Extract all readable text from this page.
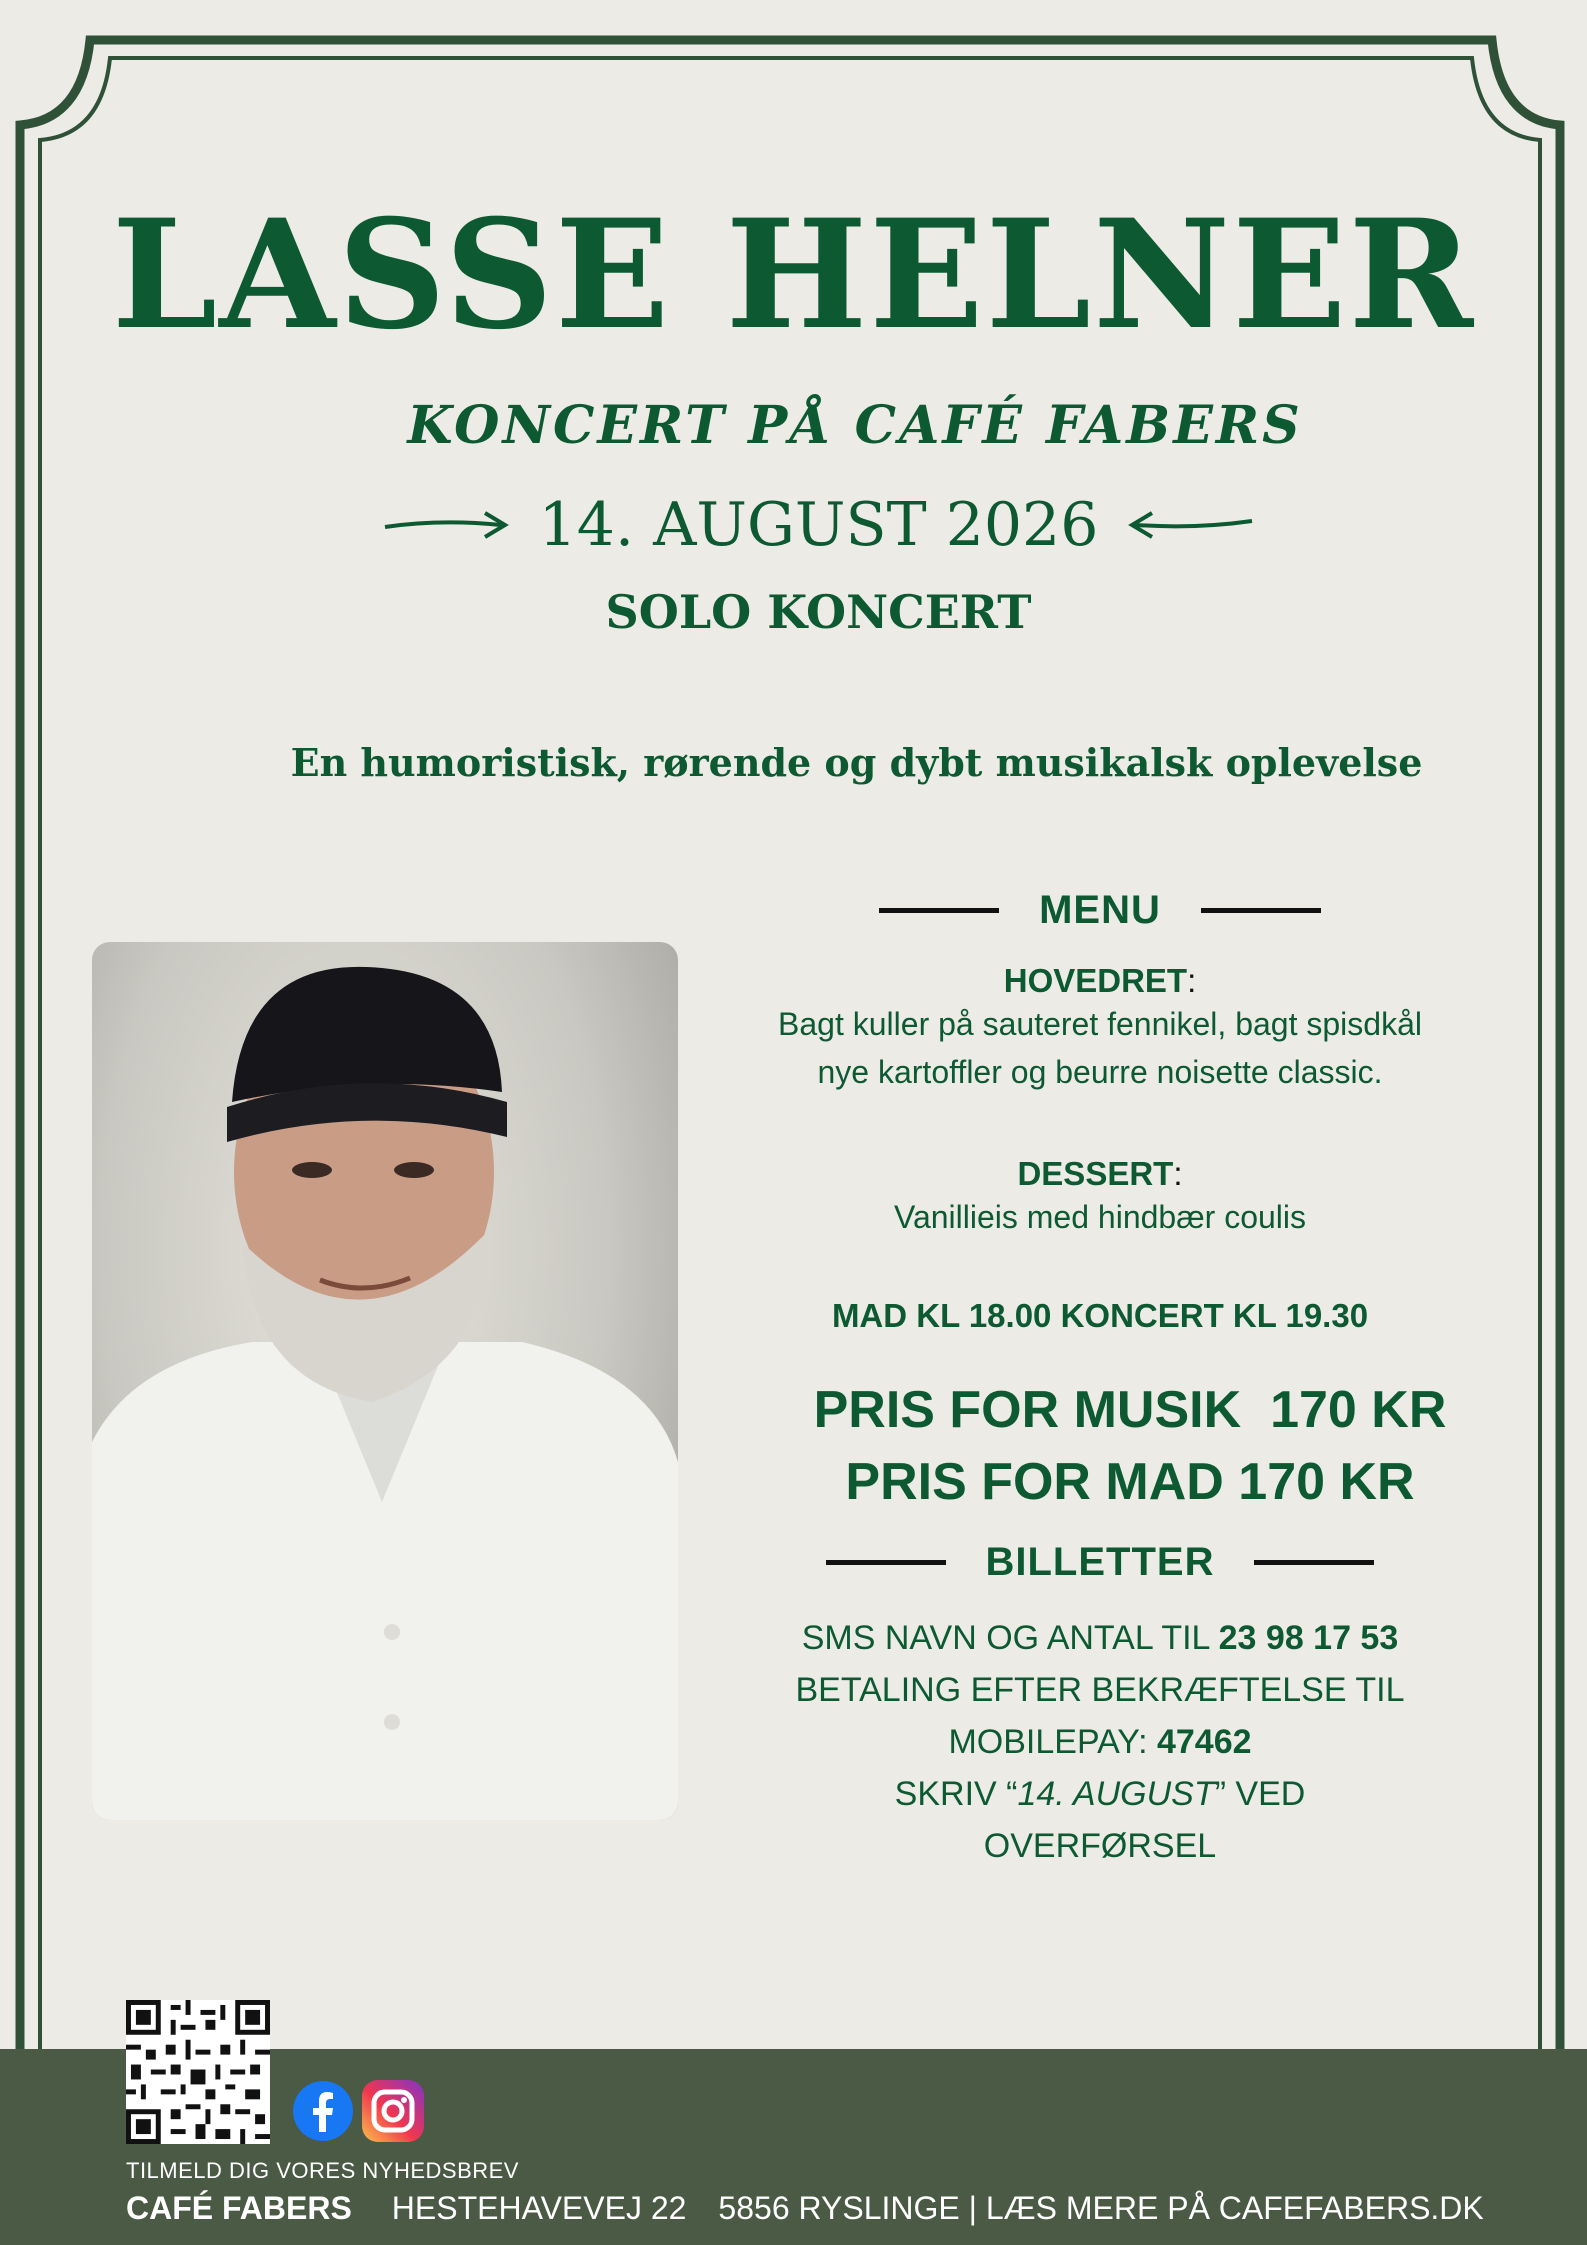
LASSE HELNER
KONCERT PÅ CAFÉ FABERS
14. AUGUST 2026
SOLO KONCERT
En humoristisk, rørende og dybt musikalsk oplevelse
MENU
HOVEDRET:
Bagt kuller på sauteret fennikel, bagt spisdkål
nye kartoffler og beurre noisette classic.
DESSERT:
Vanillieis med hindbær coulis
MAD KL 18.00 KONCERT KL 19.30
PRIS FOR MUSIK  170 KR
PRIS FOR MAD 170 KR
BILLETTER
SMS NAVN OG ANTAL TIL 23 98 17 53
BETALING EFTER BEKRÆFTELSE TIL
MOBILEPAY: 47462
SKRIV “14. AUGUST” VED
OVERFØRSEL
TILMELD DIG VORES NYHEDSBREV
CAFÉ FABERS HESTEHAVEVEJ 22 5856 RYSLINGE | LÆS MERE PÅ CAFEFABERS.DK
